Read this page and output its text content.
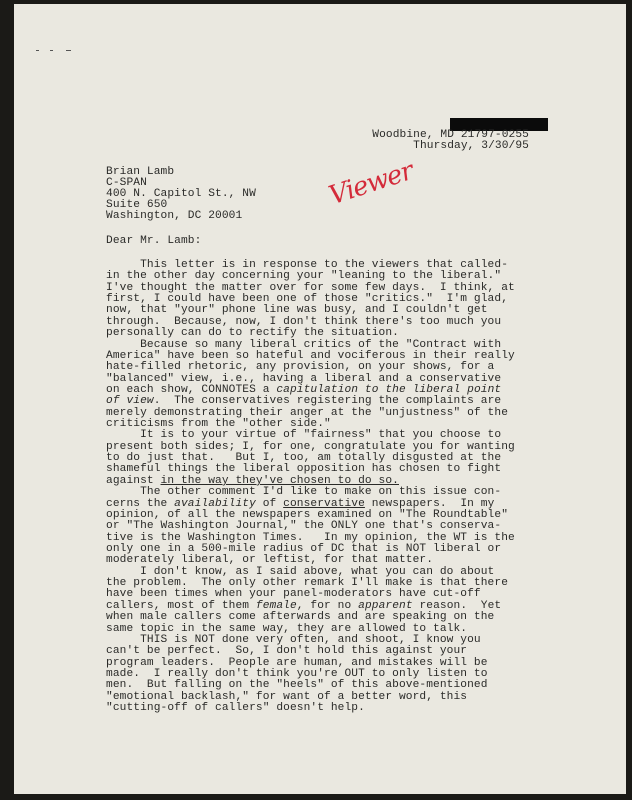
Woodbine, MD 21797-0255
Thursday, 3/30/95
Brian Lamb
C-SPAN
400 N. Capitol St., NW
Suite 650
Washington, DC 20001
Viewer
Dear Mr. Lamb:
This letter is in response to the viewers that called-
in the other day concerning your "leaning to the liberal."
I've thought the matter over for some few days.  I think, at
first, I could have been one of those "critics."  I'm glad,
now, that "your" phone line was busy, and I couldn't get
through.  Because, now, I don't think there's too much you
personally can do to rectify the situation.
Because so many liberal critics of the "Contract with
America" have been so hateful and vociferous in their really
hate-filled rhetoric, any provision, on your shows, for a
"balanced" view, i.e., having a liberal and a conservative
on each show, CONNOTES a capitulation to the liberal point
of view.  The conservatives registering the complaints are
merely demonstrating their anger at the "unjustness" of the
criticisms from the "other side."
It is to your virtue of "fairness" that you choose to
present both sides; I, for one, congratulate you for wanting
to do just that.   But I, too, am totally disgusted at the
shameful things the liberal opposition has chosen to fight
against in the way they've chosen to do so.
The other comment I'd like to make on this issue con-
cerns the availability of conservative newspapers.  In my
opinion, of all the newspapers examined on "The Roundtable"
or "The Washington Journal," the ONLY one that's conserva-
tive is the Washington Times.   In my opinion, the WT is the
only one in a 500-mile radius of DC that is NOT liberal or
moderately liberal, or leftist, for that matter.
I don't know, as I said above, what you can do about
the problem.  The only other remark I'll make is that there
have been times when your panel-moderators have cut-off
callers, most of them female, for no apparent reason.  Yet
when male callers come afterwards and are speaking on the
same topic in the same way, they are allowed to talk.
THIS is NOT done very often, and shoot, I know you
can't be perfect.  So, I don't hold this against your
program leaders.  People are human, and mistakes will be
made.  I really don't think you're OUT to only listen to
men.  But falling on the "heels" of this above-mentioned
"emotional backlash," for want of a better word, this
"cutting-off of callers" doesn't help.
